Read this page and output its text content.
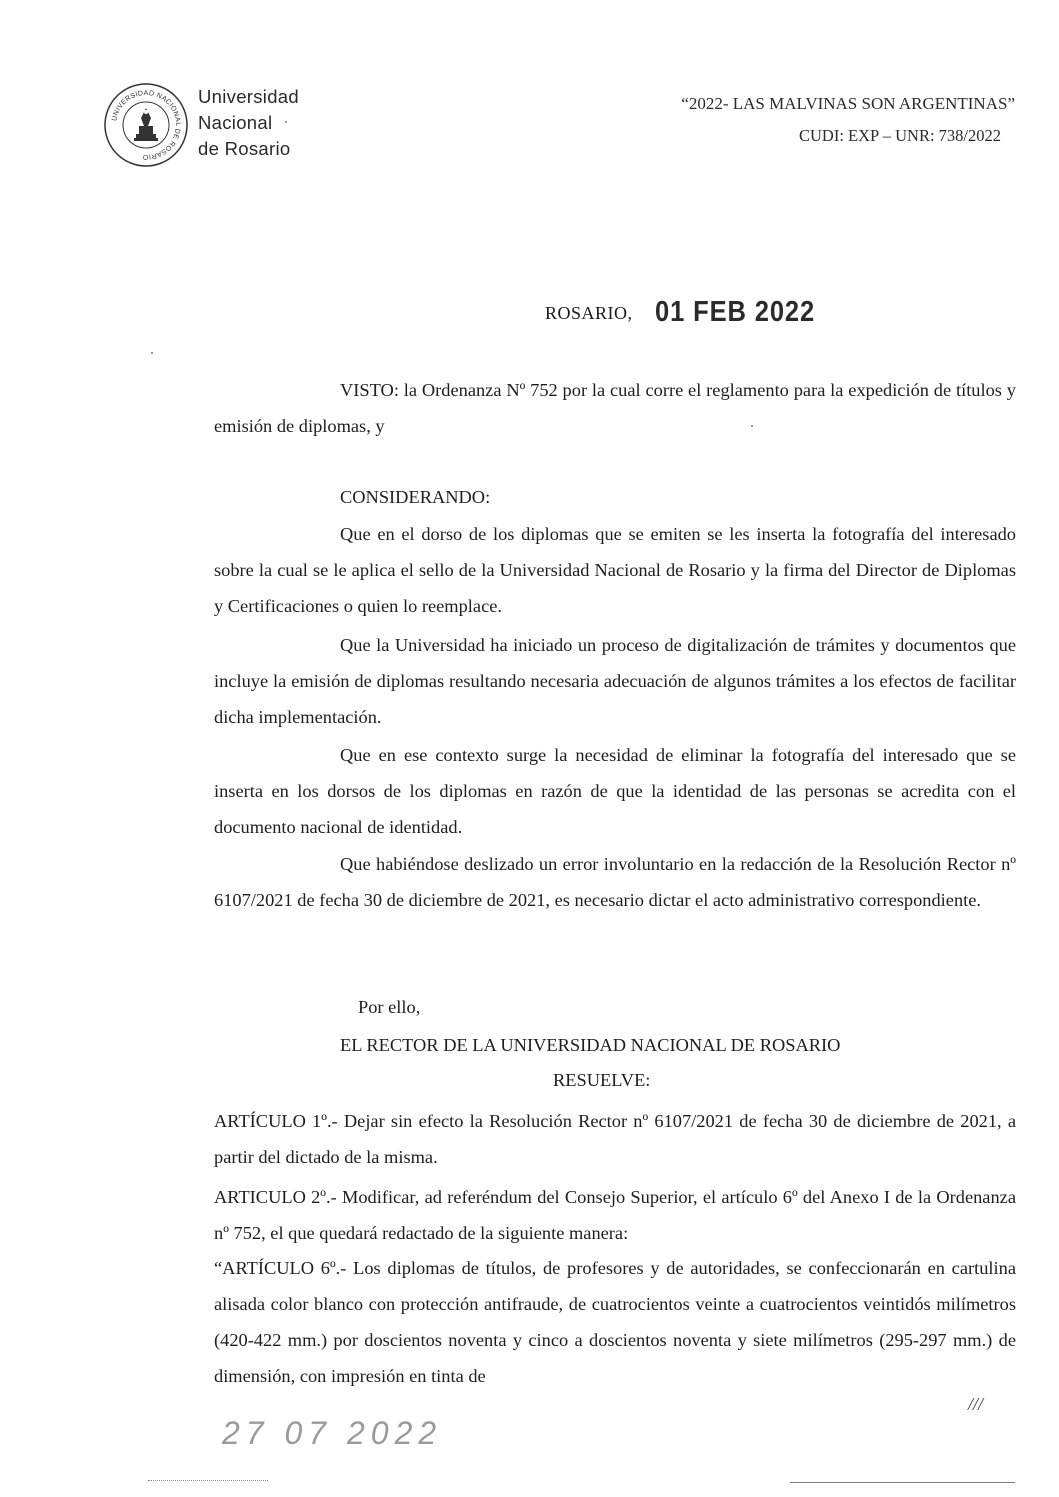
UNIVERSIDAD NACIONAL DE ROSARIO
Universidad
Nacional
de Rosario
“2022- LAS MALVINAS SON ARGENTINAS”
CUDI: EXP – UNR: 738/2022
ROSARIO, 01 FEB 2022
VISTO: la Ordenanza Nº 752 por la cual corre el reglamento para la expedición de títulos y emisión de diplomas, y
CONSIDERANDO:
Que en el dorso de los diplomas que se emiten se les inserta la fotografía del interesado sobre la cual se le aplica el sello de la Universidad Nacional de Rosario y la firma del Director de Diplomas y Certificaciones o quien lo reemplace.
Que la Universidad ha iniciado un proceso de digitalización de trámites y documentos que incluye la emisión de diplomas resultando necesaria adecuación de algunos trámites a los efectos de facilitar dicha implementación.
Que en ese contexto surge la necesidad de eliminar la fotografía del interesado que se inserta en los dorsos de los diplomas en razón de que la identidad de las personas se acredita con el documento nacional de identidad.
Que habiéndose deslizado un error involuntario en la redacción de la Resolución Rector nº 6107/2021 de fecha 30 de diciembre de 2021, es necesario dictar el acto administrativo correspondiente.
Por ello,
EL RECTOR DE LA UNIVERSIDAD NACIONAL DE ROSARIO
RESUELVE:
ARTÍCULO 1º.- Dejar sin efecto la Resolución Rector nº 6107/2021 de fecha 30 de diciembre de 2021, a partir del dictado de la misma.
ARTICULO 2º.- Modificar, ad referéndum del Consejo Superior, el artículo 6º del Anexo I de la Ordenanza nº 752, el que quedará redactado de la siguiente manera:
“ARTÍCULO 6º.- Los diplomas de títulos, de profesores y de autoridades, se confeccionarán en cartulina alisada color blanco con protección antifraude, de cuatrocientos veinte a cuatrocientos veintidós milímetros (420-422 mm.) por doscientos noventa y cinco a doscientos noventa y siete milímetros (295-297 mm.) de dimensión, con impresión en tinta de
27 07 2022
///
